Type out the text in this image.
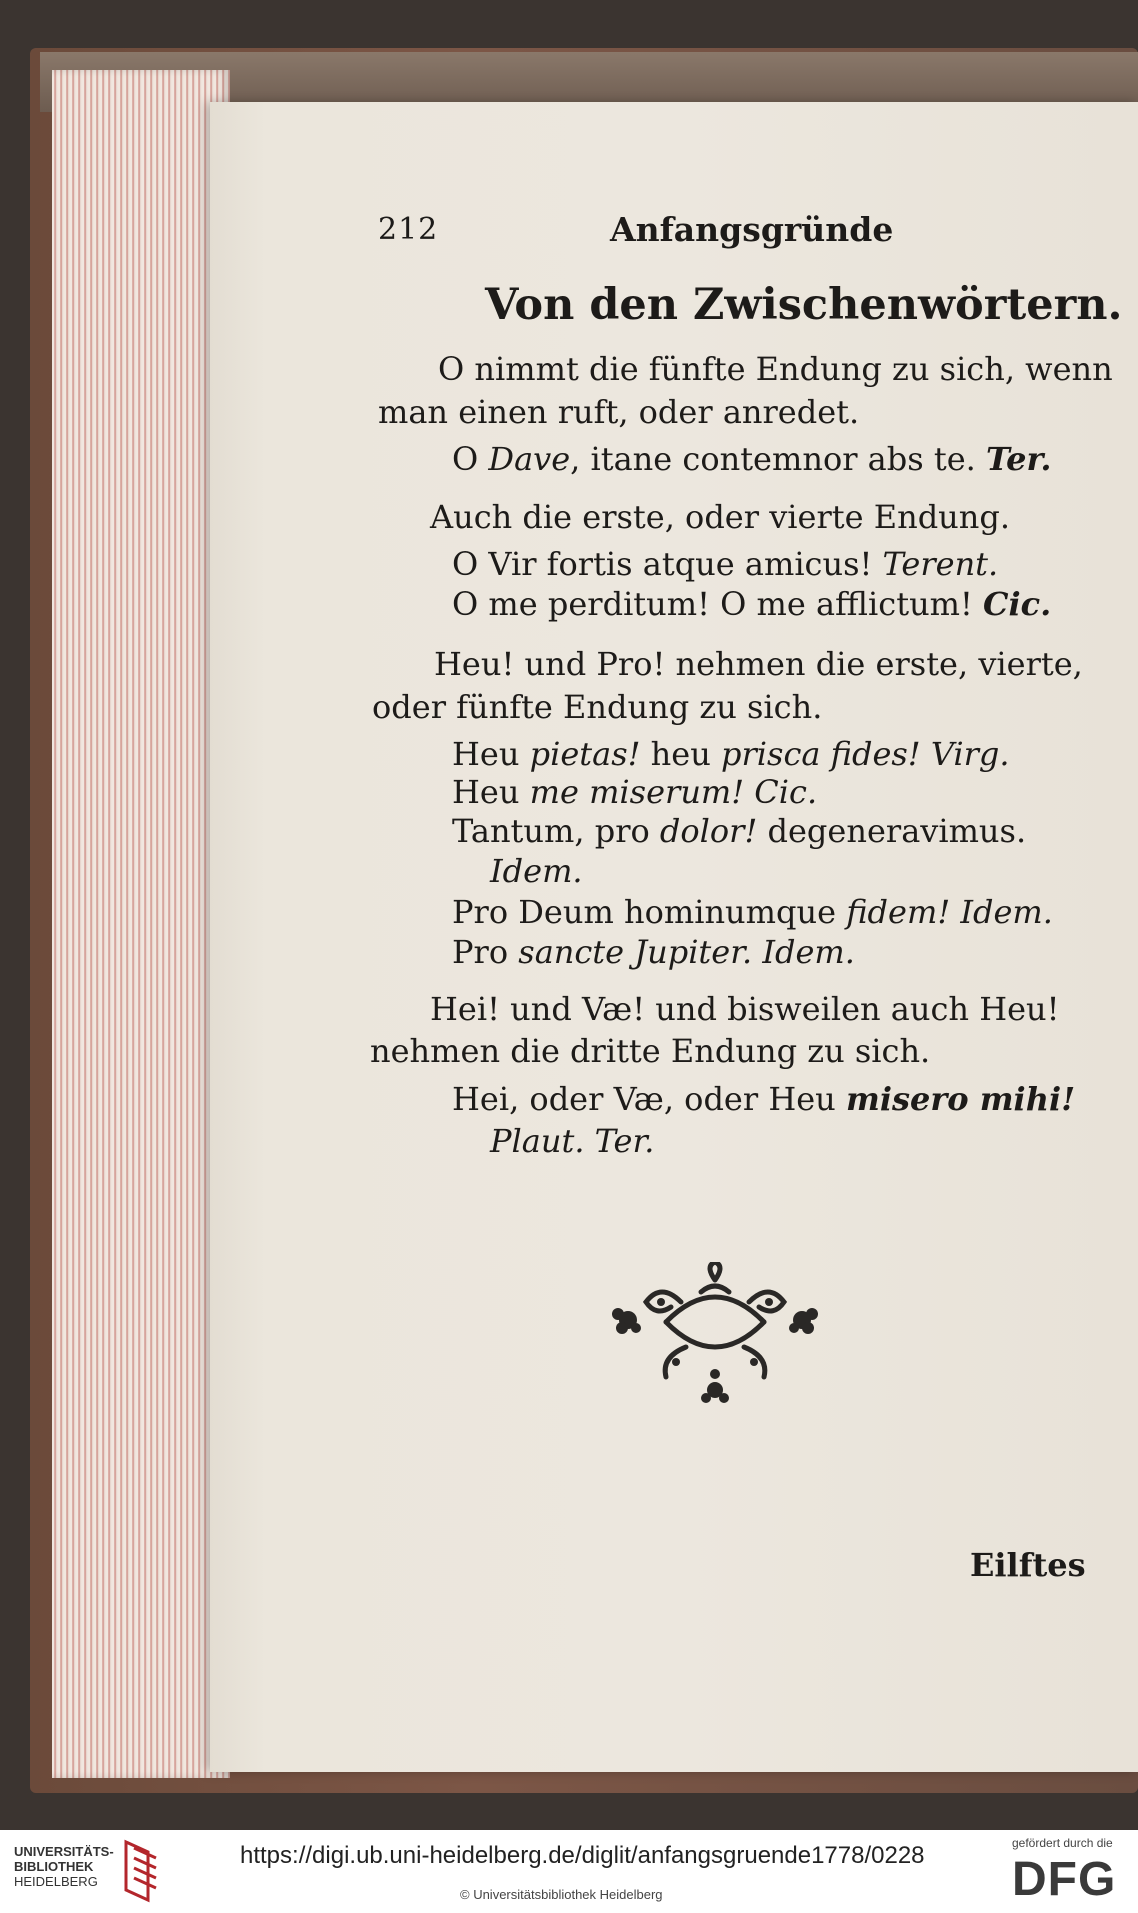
212	Anfangsgründe
Von den Zwischenwörtern.
O nimmt die fünfte Endung zu sich, wenn
man einen ruft, oder anredet.
O Dave, itane contemnor abs te. Ter.
Auch die erste, oder vierte Endung.
O Vir fortis atque amicus! Terent.
O me perditum! O me afflictum! Cic.
Heu! und Pro! nehmen die erste, vierte,
oder fünfte Endung zu sich.
Heu pietas! heu prisca fides! Virg.
Heu me miserum! Cic.
Tantum, pro dolor! degeneravimus.
Idem.
Pro Deum hominumque fidem! Idem.
Pro sancte Jupiter. Idem.
Hei! und Væ! und bisweilen auch Heu!
nehmen die dritte Endung zu sich.
Hei, oder Væ, oder Heu misero mihi!
Plaut. Ter.
Eilftes
UNIVERSITÄTS-
BIBLIOTHEK
HEIDELBERG
https://digi.ub.uni-heidelberg.de/diglit/anfangsgruende1778/0228
© Universitätsbibliothek Heidelberg
gefördert durch die
DFG
